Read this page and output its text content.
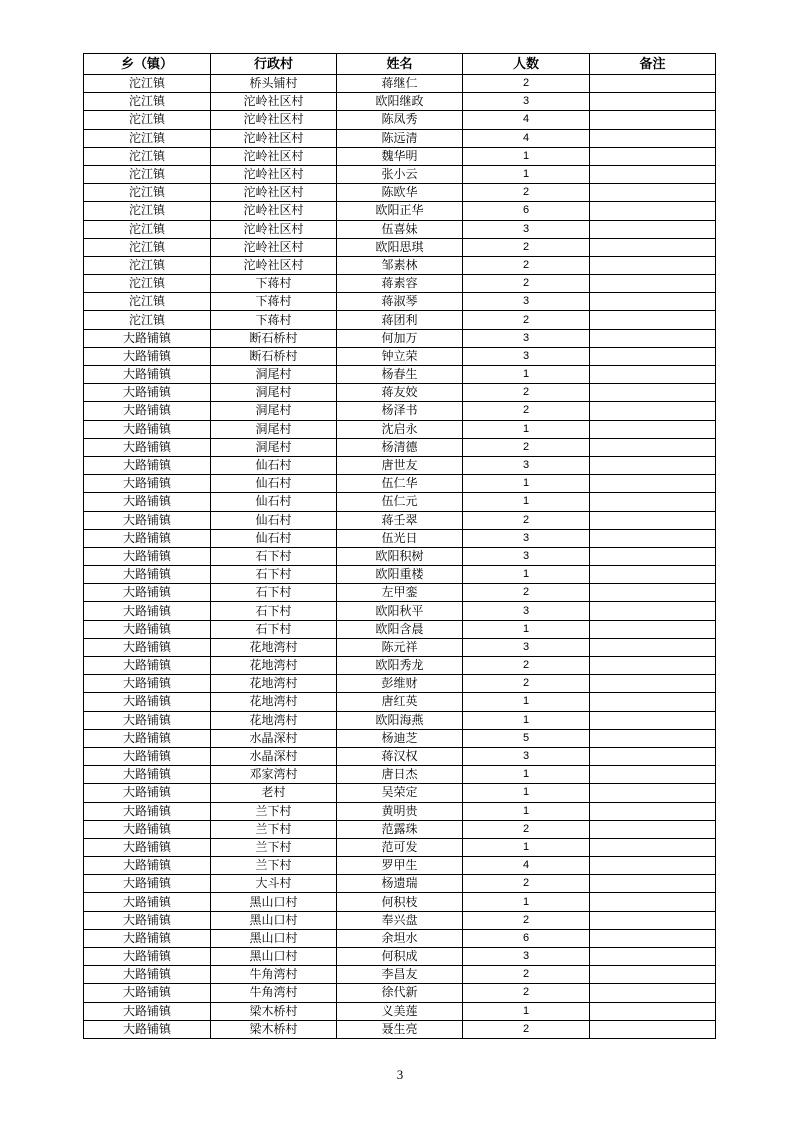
乡（镇）	行政村	姓名	人数	备注
沱江镇	桥头铺村	蒋继仁	2	
沱江镇	沱岭社区村	欧阳继政	3	
沱江镇	沱岭社区村	陈凤秀	4	
沱江镇	沱岭社区村	陈远清	4	
沱江镇	沱岭社区村	魏华明	1	
沱江镇	沱岭社区村	张小云	1	
沱江镇	沱岭社区村	陈欧华	2	
沱江镇	沱岭社区村	欧阳正华	6	
沱江镇	沱岭社区村	伍喜妹	3	
沱江镇	沱岭社区村	欧阳思琪	2	
沱江镇	沱岭社区村	邹素林	2	
沱江镇	下蒋村	蒋素容	2	
沱江镇	下蒋村	蒋淑琴	3	
沱江镇	下蒋村	蒋团利	2	
大路铺镇	断石桥村	何加万	3	
大路铺镇	断石桥村	钟立荣	3	
大路铺镇	洞尾村	杨春生	1	
大路铺镇	洞尾村	蒋友姣	2	
大路铺镇	洞尾村	杨泽书	2	
大路铺镇	洞尾村	沈启永	1	
大路铺镇	洞尾村	杨清德	2	
大路铺镇	仙石村	唐世友	3	
大路铺镇	仙石村	伍仁华	1	
大路铺镇	仙石村	伍仁元	1	
大路铺镇	仙石村	蒋壬翠	2	
大路铺镇	仙石村	伍光日	3	
大路铺镇	石下村	欧阳积树	3	
大路铺镇	石下村	欧阳重楼	1	
大路铺镇	石下村	左甲銮	2	
大路铺镇	石下村	欧阳秋平	3	
大路铺镇	石下村	欧阳含晨	1	
大路铺镇	花地湾村	陈元祥	3	
大路铺镇	花地湾村	欧阳秀龙	2	
大路铺镇	花地湾村	彭维财	2	
大路铺镇	花地湾村	唐红英	1	
大路铺镇	花地湾村	欧阳海燕	1	
大路铺镇	水晶深村	杨迪芝	5	
大路铺镇	水晶深村	蒋汉权	3	
大路铺镇	邓家湾村	唐日杰	1	
大路铺镇	老村	吴荣定	1	
大路铺镇	兰下村	黄明贵	1	
大路铺镇	兰下村	范露珠	2	
大路铺镇	兰下村	范可发	1	
大路铺镇	兰下村	罗甲生	4	
大路铺镇	大斗村	杨遗瑞	2	
大路铺镇	黑山口村	何积枝	1	
大路铺镇	黑山口村	奉兴盘	2	
大路铺镇	黑山口村	余坦水	6	
大路铺镇	黑山口村	何积成	3	
大路铺镇	牛角湾村	李昌友	2	
大路铺镇	牛角湾村	徐代新	2	
大路铺镇	梁木桥村	义美莲	1	
大路铺镇	梁木桥村	聂生亮	2	
3
